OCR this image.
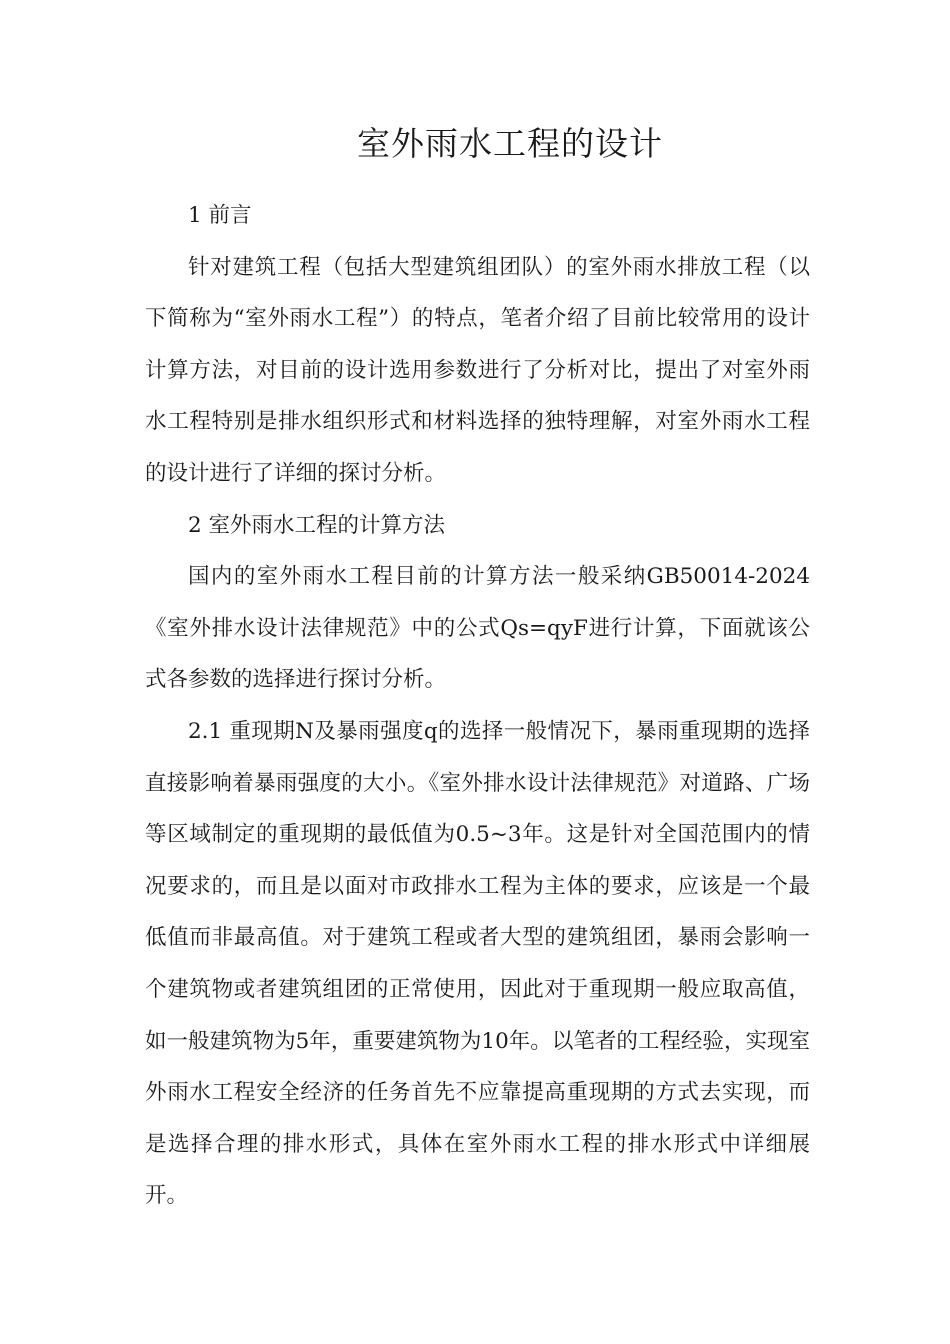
室外雨水工程的设计

1 前言

针对建筑工程（包括大型建筑组团队）的室外雨水排放工程（以下简称为“室外雨水工程”）的特点，笔者介绍了目前比较常用的设计计算方法，对目前的设计选用参数进行了分析对比，提出了对室外雨水工程特别是排水组织形式和材料选择的独特理解，对室外雨水工程的设计进行了详细的探讨分析。

2 室外雨水工程的计算方法

国内的室外雨水工程目前的计算方法一般采纳GB50014-2024《室外排水设计法律规范》中的公式Qs=qyF进行计算，下面就该公式各参数的选择进行探讨分析。

2.1 重现期N及暴雨强度q的选择一般情况下，暴雨重现期的选择直接影响着暴雨强度的大小。《室外排水设计法律规范》对道路、广场等区域制定的重现期的最低值为0.5~3年。这是针对全国范围内的情况要求的，而且是以面对市政排水工程为主体的要求，应该是一个最低值而非最高值。对于建筑工程或者大型的建筑组团，暴雨会影响一个建筑物或者建筑组团的正常使用，因此对于重现期一般应取高值，如一般建筑物为5年，重要建筑物为10年。以笔者的工程经验，实现室外雨水工程安全经济的任务首先不应靠提高重现期的方式去实现，而是选择合理的排水形式，具体在室外雨水工程的排水形式中详细展开。
